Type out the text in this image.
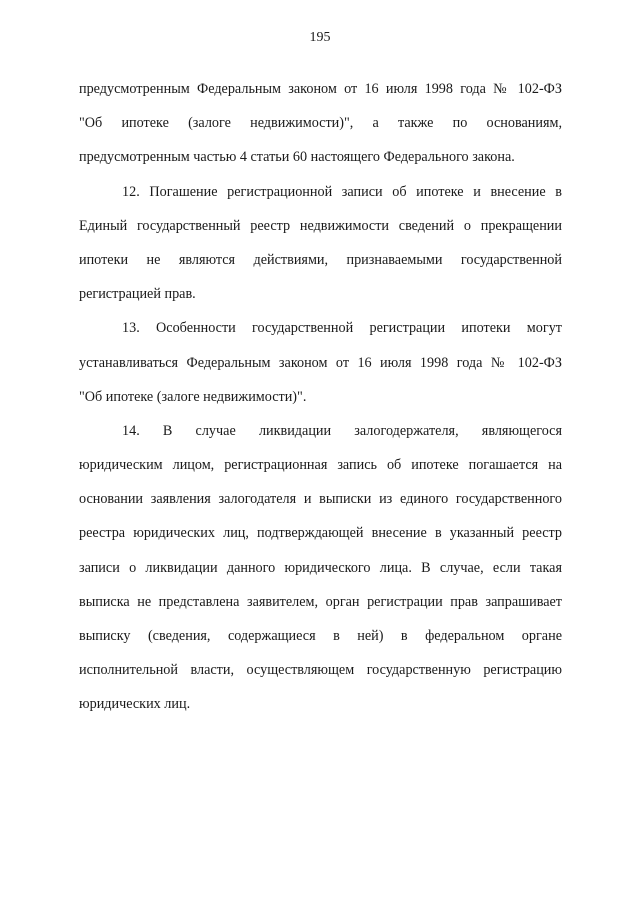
195
предусмотренным Федеральным законом от 16 июля 1998 года № 102-ФЗ
"Об ипотеке (залоге недвижимости)", а также по основаниям,
предусмотренным частью 4 статьи 60 настоящего Федерального закона.
12. Погашение регистрационной записи об ипотеке и внесение в
Единый государственный реестр недвижимости сведений о прекращении
ипотеки не являются действиями, признаваемыми государственной
регистрацией прав.
13. Особенности государственной регистрации ипотеки могут
устанавливаться Федеральным законом от 16 июля 1998 года № 102-ФЗ
"Об ипотеке (залоге недвижимости)".
14. В случае ликвидации залогодержателя, являющегося
юридическим лицом, регистрационная запись об ипотеке погашается на
основании заявления залогодателя и выписки из единого государственного
реестра юридических лиц, подтверждающей внесение в указанный реестр
записи о ликвидации данного юридического лица. В случае, если такая
выписка не представлена заявителем, орган регистрации прав запрашивает
выписку (сведения, содержащиеся в ней) в федеральном органе
исполнительной власти, осуществляющем государственную регистрацию
юридических лиц.
